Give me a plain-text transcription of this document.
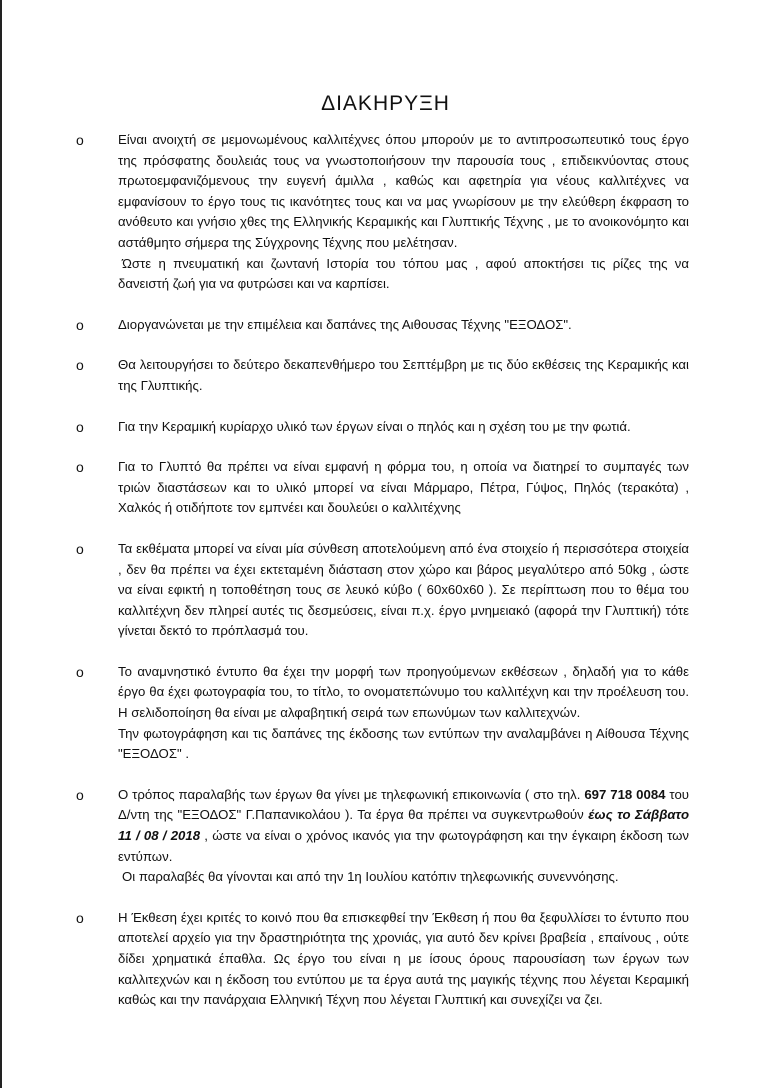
ΔΙΑΚΗΡΥΞΗ
o	Είναι ανοιχτή σε μεμονωμένους καλλιτέχνες όπου μπορούν με το αντιπροσωπευτικό τους έργο της πρόσφατης δουλειάς τους να γνωστοποιήσουν την παρουσία τους , επιδεικνύοντας στους πρωτοεμφανιζόμενους την ευγενή άμιλλα , καθώς και αφετηρία για νέους καλλιτέχνες να εμφανίσουν το έργο τους τις ικανότητες τους και να μας γνωρίσουν με την ελεύθερη έκφραση το ανόθευτο και γνήσιο χθες της Ελληνικής Κεραμικής και Γλυπτικής Τέχνης , με το ανοικονόμητο και αστάθμητο σήμερα της Σύγχρονης Τέχνης που μελέτησαν.

Ώστε η πνευματική και ζωντανή Ιστορία του τόπου μας , αφού αποκτήσει τις ρίζες της να δανειστή ζωή για να φυτρώσει και να καρπίσει.

o	Διοργανώνεται με την επιμέλεια και δαπάνες της Αιθουσας Τέχνης "ΕΞΟΔΟΣ".

o	Θα λειτουργήσει το δεύτερο δεκαπενθήμερο του Σεπτέμβρη με τις δύο εκθέσεις της Κεραμικής και της Γλυπτικής.

o	Για την Κεραμική κυρίαρχο υλικό των έργων είναι ο πηλός και η σχέση του με την φωτιά.

o	Για το Γλυπτό θα πρέπει να είναι εμφανή η φόρμα του, η οποία να διατηρεί το συμπαγές των τριών διαστάσεων και το υλικό μπορεί να είναι Μάρμαρο, Πέτρα, Γύψος, Πηλός (τερακότα) , Χαλκός ή οτιδήποτε τον εμπνέει και δουλεύει ο καλλιτέχνης

o	Τα εκθέματα μπορεί να είναι μία σύνθεση αποτελούμενη από ένα στοιχείο ή περισσότερα στοιχεία , δεν θα πρέπει να έχει εκτεταμένη διάσταση στον χώρο και βάρος μεγαλύτερο από 50kg , ώστε να είναι εφικτή η τοποθέτηση τους σε λευκό κύβο ( 60x60x60 ). Σε περίπτωση που το θέμα του καλλιτέχνη δεν πληρεί αυτές τις δεσμεύσεις, είναι π.χ. έργο μνημειακό (αφορά την Γλυπτική) τότε γίνεται δεκτό το πρόπλασμά του.

o	Το αναμνηστικό έντυπο θα έχει την μορφή των προηγούμενων εκθέσεων , δηλαδή για το κάθε έργο θα έχει φωτογραφία του, το τίτλο, το ονοματεπώνυμο του καλλιτέχνη και την προέλευση του. Η σελιδοποίηση θα είναι με αλφαβητική σειρά των επωνύμων των καλλιτεχνών.

Την φωτογράφηση και τις δαπάνες της έκδοσης των εντύπων την αναλαμβάνει η Αίθουσα Τέχνης "ΕΞΟΔΟΣ" .

o	Ο τρόπος παραλαβής των έργων θα γίνει με τηλεφωνική επικοινωνία ( στο τηλ. 697 718 0084 του Δ/ντη της "ΕΞΟΔΟΣ" Γ.Παπανικολάου ). Τα έργα θα πρέπει να συγκεντρωθούν έως το Σάββατο 11 / 08 / 2018 , ώστε να είναι ο χρόνος ικανός για την φωτογράφηση και την έγκαιρη έκδοση των εντύπων.

Οι παραλαβές θα γίνονται και από την 1η Ιουλίου κατόπιν τηλεφωνικής συνεννόησης.

o	Η Έκθεση έχει κριτές το κοινό που θα επισκεφθεί την Έκθεση ή που θα ξεφυλλίσει το έντυπο που αποτελεί αρχείο για την δραστηριότητα της χρονιάς, για αυτό δεν κρίνει βραβεία , επαίνους , ούτε δίδει χρηματικά έπαθλα. Ως έργο του είναι η με ίσους όρους παρουσίαση των έργων των καλλιτεχνών και η έκδοση του εντύπου με τα έργα αυτά της μαγικής τέχνης που λέγεται Κεραμική καθώς και την πανάρχαια Ελληνική Τέχνη που λέγεται Γλυπτική και συνεχίζει να ζει.
